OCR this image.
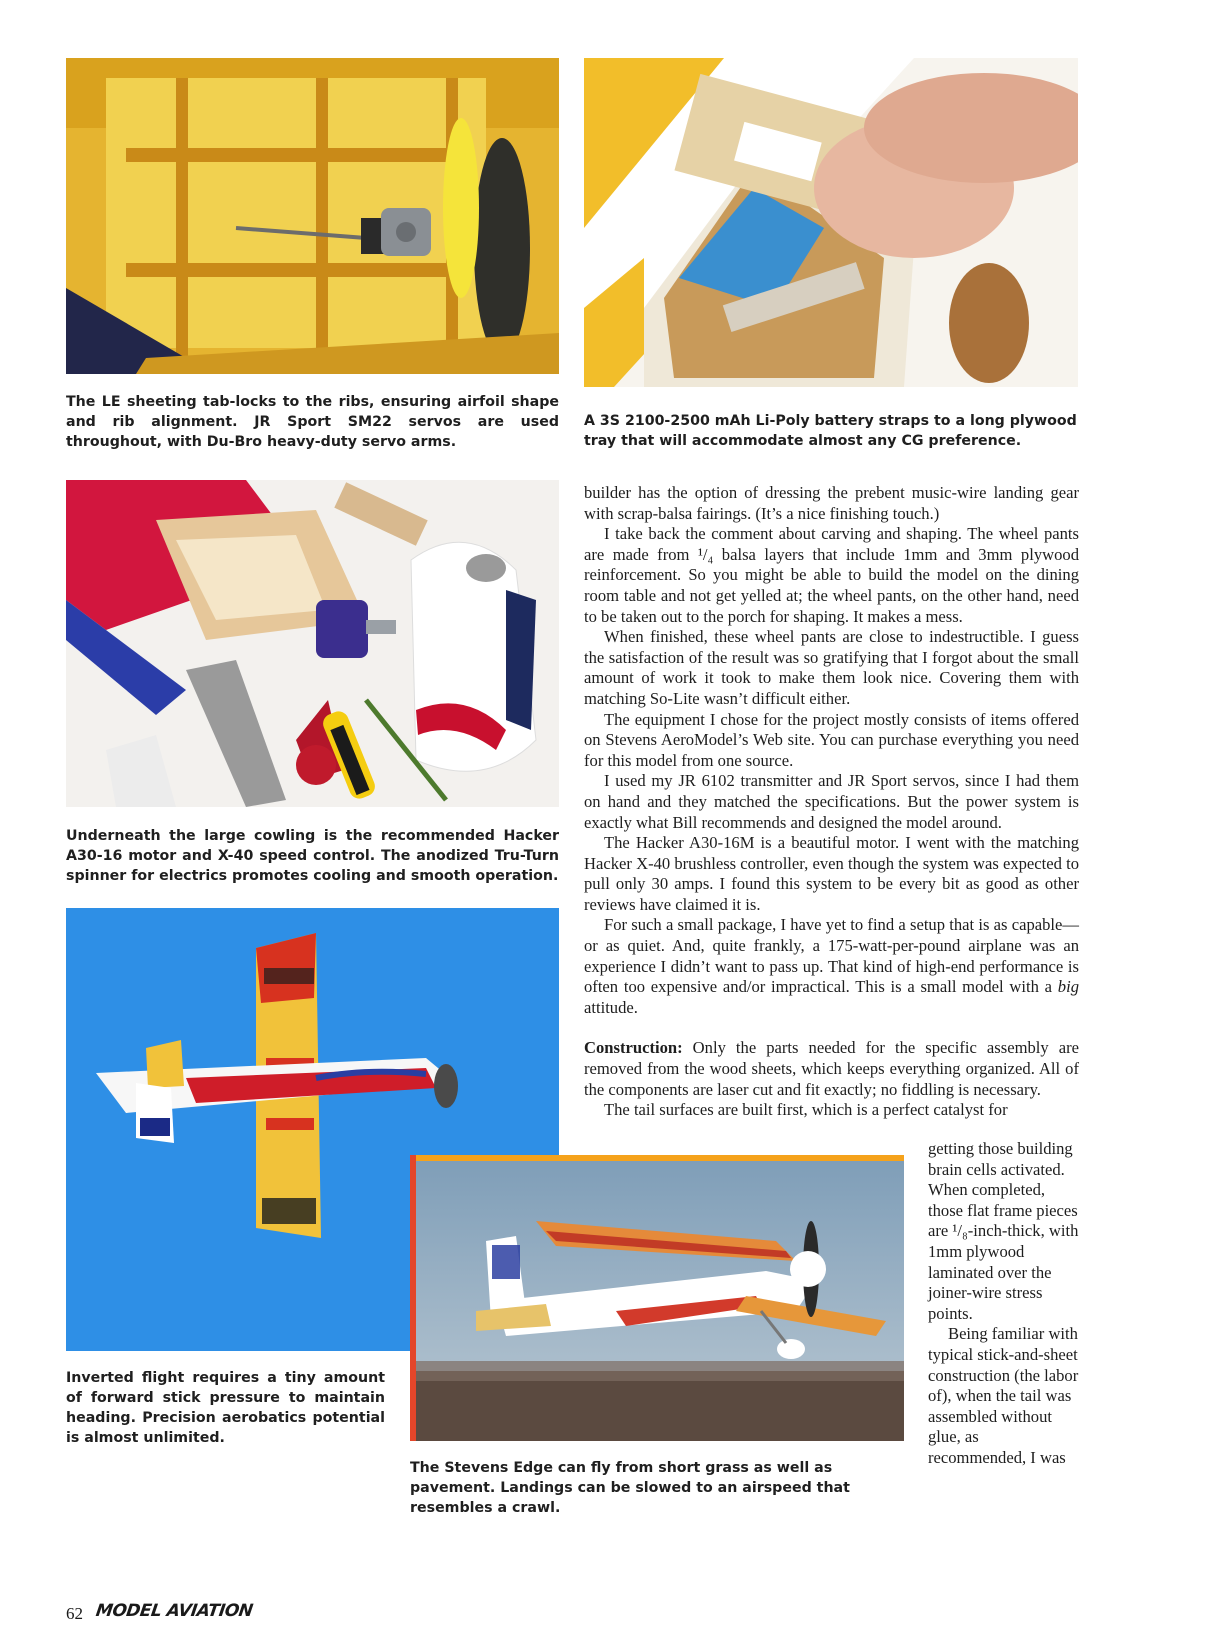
The LE sheeting tab-locks to the ribs, ensuring airfoil shape and rib alignment. JR Sport SM22 servos are used throughout, with Du-Bro heavy-duty servo arms.

A 3S 2100-2500 mAh Li-Poly battery straps to a long plywood tray that will accommodate almost any CG preference.

Underneath the large cowling is the recommended Hacker A30-16 motor and X-40 speed control. The anodized Tru-Turn spinner for electrics promotes cooling and smooth operation.

Inverted flight requires a tiny amount of forward stick pressure to maintain heading. Precision aerobatics potential is almost unlimited.

The Stevens Edge can fly from short grass as well as pavement. Landings can be slowed to an airspeed that resembles a crawl.

builder has the option of dressing the prebent music-wire landing gear with scrap-balsa fairings. (It’s a nice finishing touch.)

I take back the comment about carving and shaping. The wheel pants are made from ¹/₄ balsa layers that include 1mm and 3mm plywood reinforcement. So you might be able to build the model on the dining room table and not get yelled at; the wheel pants, on the other hand, need to be taken out to the porch for shaping. It makes a mess.

When finished, these wheel pants are close to indestructible. I guess the satisfaction of the result was so gratifying that I forgot about the small amount of work it took to make them look nice. Covering them with matching So-Lite wasn’t difficult either.

The equipment I chose for the project mostly consists of items offered on Stevens AeroModel’s Web site. You can purchase everything you need for this model from one source.

I used my JR 6102 transmitter and JR Sport servos, since I had them on hand and they matched the specifications. But the power system is exactly what Bill recommends and designed the model around.

The Hacker A30-16M is a beautiful motor. I went with the matching Hacker X-40 brushless controller, even though the system was expected to pull only 30 amps. I found this system to be every bit as good as other reviews have claimed it is.

For such a small package, I have yet to find a setup that is as capable—or as quiet. And, quite frankly, a 175-watt-per-pound airplane was an experience I didn’t want to pass up. That kind of high-end performance is often too expensive and/or impractical. This is a small model with a big attitude.

Construction: Only the parts needed for the specific assembly are removed from the wood sheets, which keeps everything organized. All of the components are laser cut and fit exactly; no fiddling is necessary.

The tail surfaces are built first, which is a perfect catalyst for

getting those building brain cells activated. When completed, those flat frame pieces are ¹/₈-inch-thick, with 1mm plywood laminated over the joiner-wire stress points.

Being familiar with typical stick-and-sheet construction (the labor of), when the tail was assembled without glue, as recommended, I was

62 MODEL AVIATION
